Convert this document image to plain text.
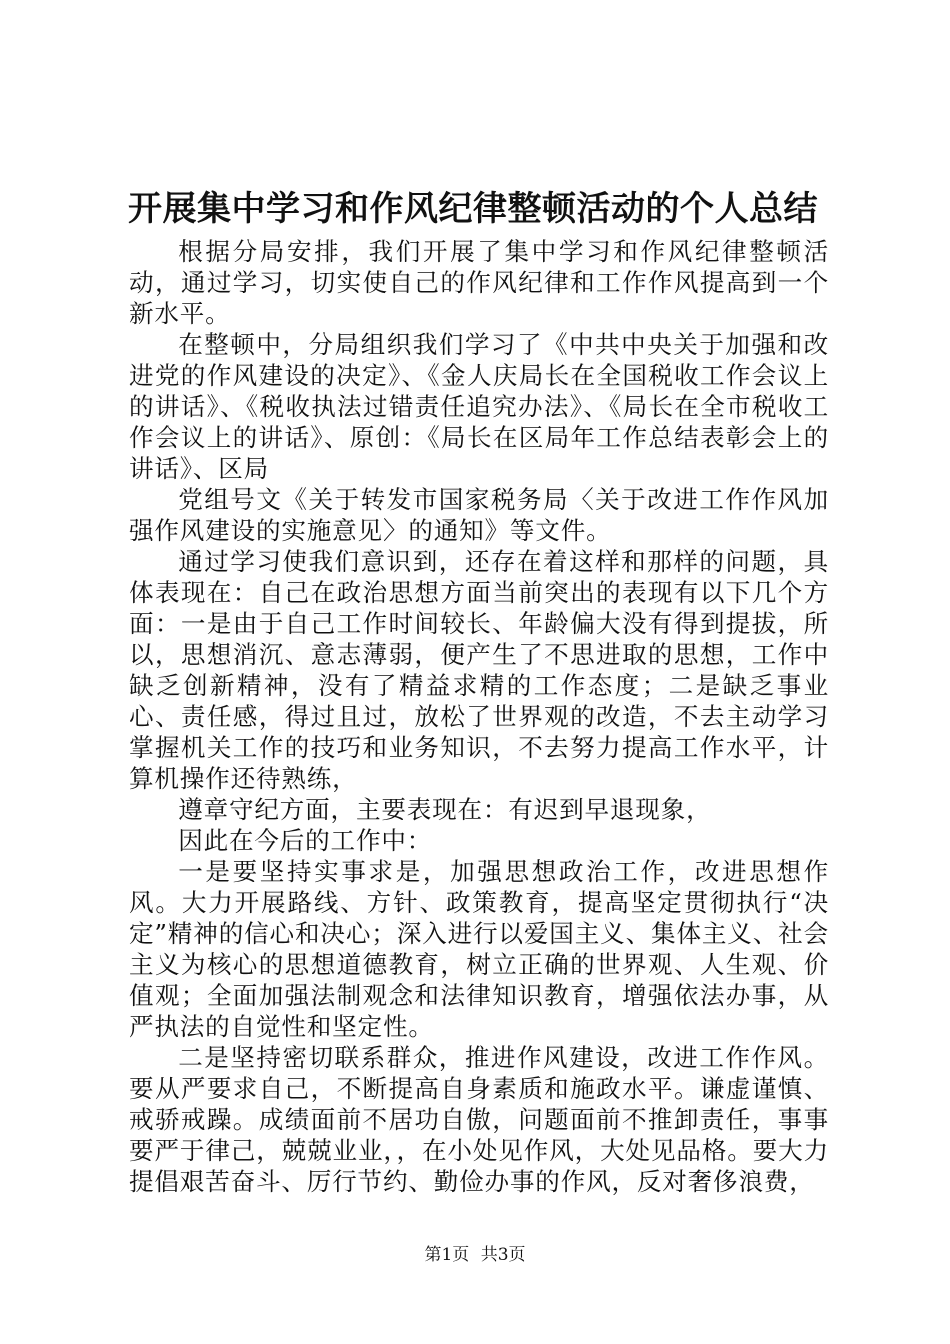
开展集中学习和作风纪律整顿活动的个人总结

根据分局安排，我们开展了集中学习和作风纪律整顿活动，通过学习，切实使自己的作风纪律和工作作风提高到一个新水平。

在整顿中，分局组织我们学习了《中共中央关于加强和改进党的作风建设的决定》、《金人庆局长在全国税收工作会议上的讲话》、《税收执法过错责任追究办法》、《局长在全市税收工作会议上的讲话》、原创：《局长在区局年工作总结表彰会上的讲话》、区局

党组号文《关于转发市国家税务局〈关于改进工作作风加强作风建设的实施意见〉的通知》等文件。

通过学习使我们意识到，还存在着这样和那样的问题，具体表现在：自己在政治思想方面当前突出的表现有以下几个方面：一是由于自己工作时间较长、年龄偏大没有得到提拔，所以，思想消沉、意志薄弱，便产生了不思进取的思想，工作中缺乏创新精神，没有了精益求精的工作态度；二是缺乏事业心、责任感，得过且过，放松了世界观的改造，不去主动学习掌握机关工作的技巧和业务知识，不去努力提高工作水平，计算机操作还待熟练，

遵章守纪方面，主要表现在：有迟到早退现象，

因此在今后的工作中：

一是要坚持实事求是，加强思想政治工作，改进思想作风。大力开展路线、方针、政策教育，提高坚定贯彻执行“决定”精神的信心和决心；深入进行以爱国主义、集体主义、社会主义为核心的思想道德教育，树立正确的世界观、人生观、价值观；全面加强法制观念和法律知识教育，增强依法办事，从严执法的自觉性和坚定性。

二是坚持密切联系群众，推进作风建设，改进工作作风。要从严要求自己，不断提高自身素质和施政水平。谦虚谨慎、戒骄戒躁。成绩面前不居功自傲，问题面前不推卸责任，事事要严于律己，兢兢业业，，在小处见作风，大处见品格。要大力提倡艰苦奋斗、厉行节约、勤俭办事的作风，反对奢侈浪费，

第1页 共3页
